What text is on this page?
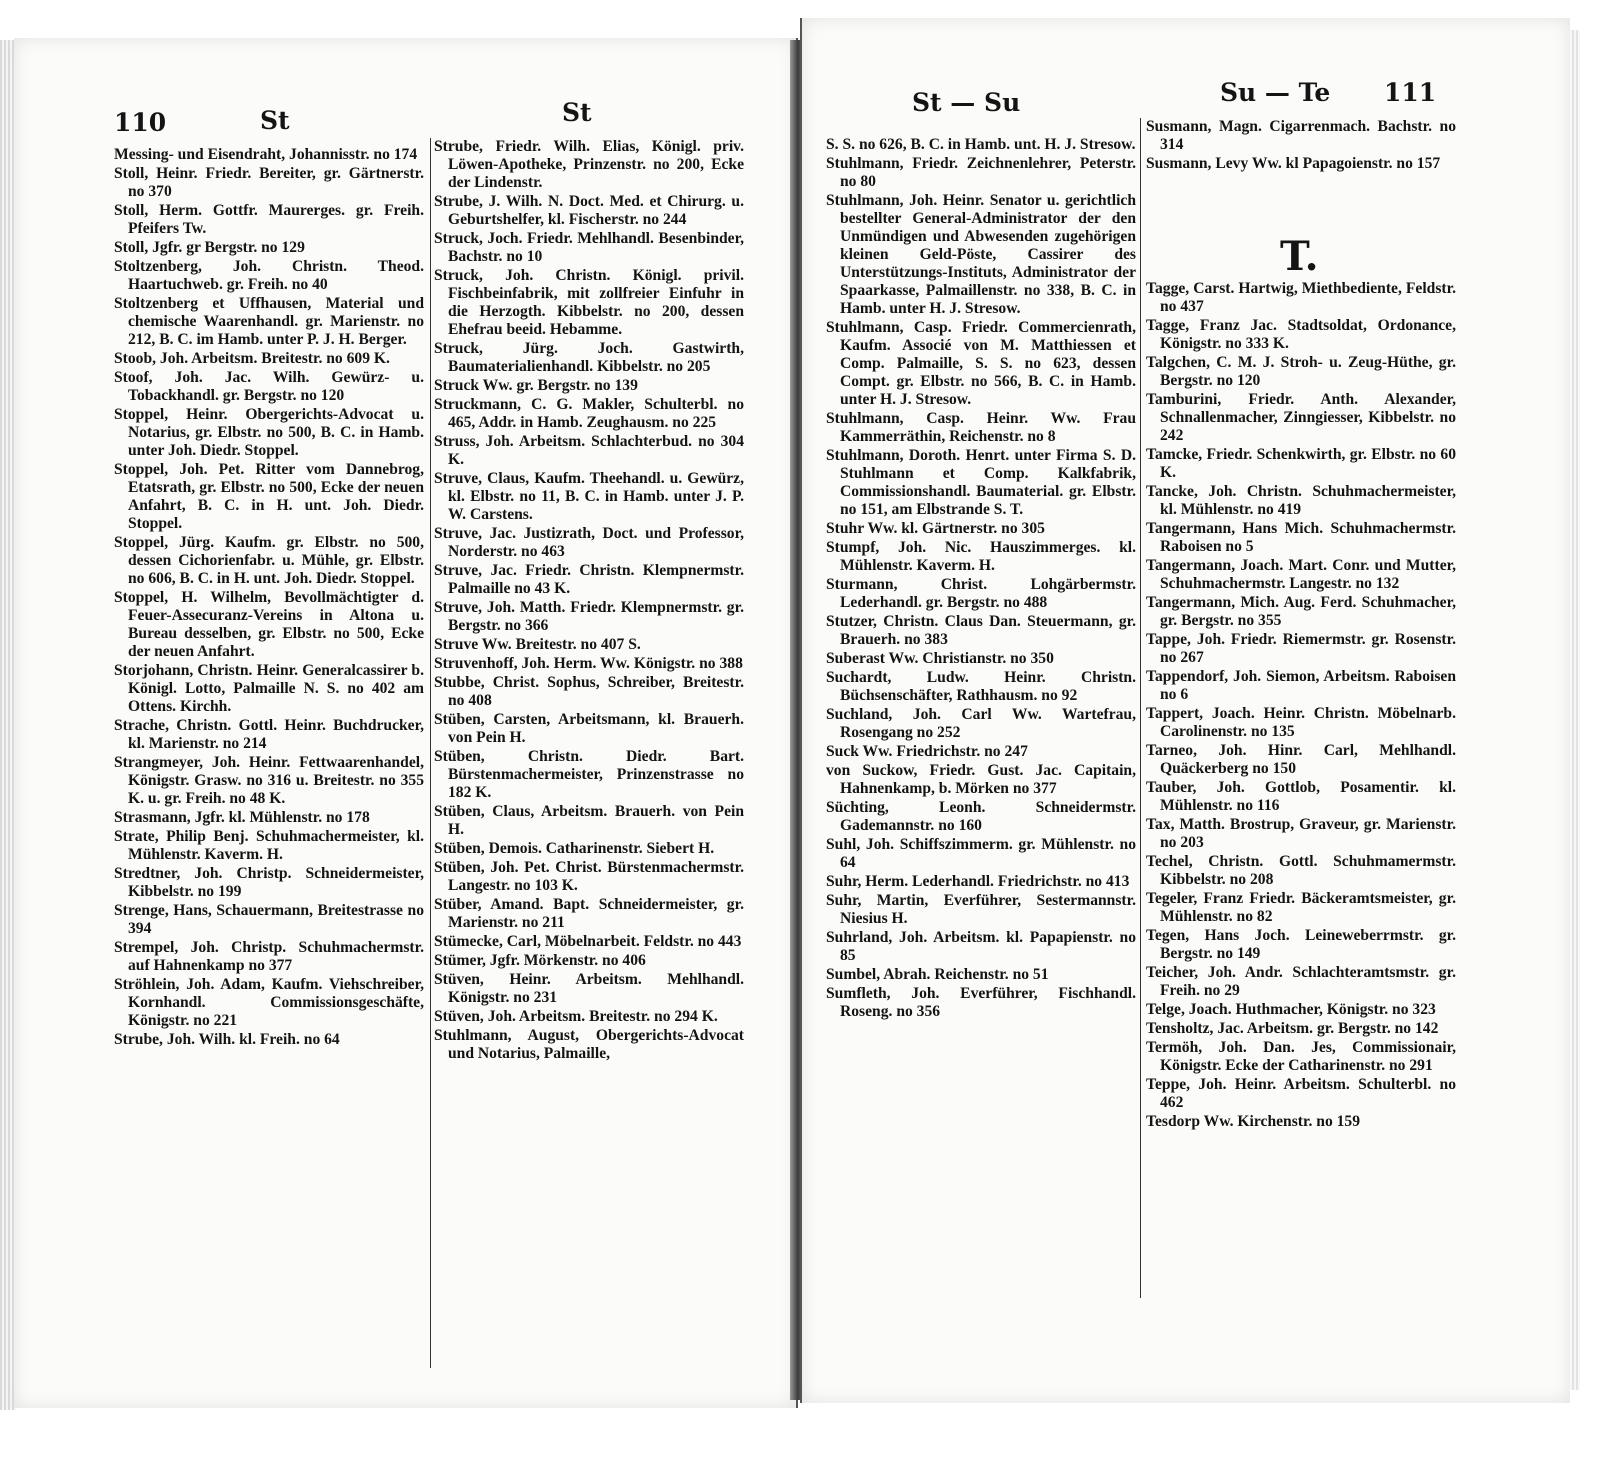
110	St	St
Messing- und Eisendraht, Johannisstr. no 174
Stoll, Heinr. Friedr. Bereiter, gr. Gärtnerstr. no 370
Stoll, Herm. Gottfr. Maurerges. gr. Freih. Pfeifers Tw.
Stoll, Jgfr. gr Bergstr. no 129
Stoltzenberg, Joh. Christn. Theod. Haartuchweb. gr. Freih. no 40
Stoltzenberg et Uffhausen, Material und chemische Waarenhandl. gr. Marienstr. no 212, B. C. im Hamb. unter P. J. H. Berger.
Stoob, Joh. Arbeitsm. Breitestr. no 609 K.
Stoof, Joh. Jac. Wilh. Gewürz- u. Tobackhandl. gr. Bergstr. no 120
Stoppel, Heinr. Obergerichts-Advocat u. Notarius, gr. Elbstr. no 500, B. C. in Hamb. unter Joh. Diedr. Stoppel.
Stoppel, Joh. Pet. Ritter vom Dannebrog, Etatsrath, gr. Elbstr. no 500, Ecke der neuen Anfahrt, B. C. in H. unt. Joh. Diedr. Stoppel.
Stoppel, Jürg. Kaufm. gr. Elbstr. no 500, dessen Cichorienfabr. u. Mühle, gr. Elbstr. no 606, B. C. in H. unt. Joh. Diedr. Stoppel.
Stoppel, H. Wilhelm, Bevollmächtigter d. Feuer-Assecuranz-Vereins in Altona u. Bureau desselben, gr. Elbstr. no 500, Ecke der neuen Anfahrt.
Storjohann, Christn. Heinr. Generalcassirer b. Königl. Lotto, Palmaille N. S. no 402 am Ottens. Kirchh.
Strache, Christn. Gottl. Heinr. Buchdrucker, kl. Marienstr. no 214
Strangmeyer, Joh. Heinr. Fettwaarenhandel, Königstr. Grasw. no 316 u. Breitestr. no 355 K. u. gr. Freih. no 48 K.
Strasmann, Jgfr. kl. Mühlenstr. no 178
Strate, Philip Benj. Schuhmachermeister, kl. Mühlenstr. Kaverm. H.
Stredtner, Joh. Christp. Schneidermeister, Kibbelstr. no 199
Strenge, Hans, Schauermann, Breitestrasse no 394
Strempel, Joh. Christp. Schuhmachermstr. auf Hahnenkamp no 377
Ströhlein, Joh. Adam, Kaufm. Viehschreiber, Kornhandl. Commissionsgeschäfte, Königstr. no 221
Strube, Joh. Wilh. kl. Freih. no 64
Strube, Friedr. Wilh. Elias, Königl. priv. Löwen-Apotheke, Prinzenstr. no 200, Ecke der Lindenstr.
Strube, J. Wilh. N. Doct. Med. et Chirurg. u. Geburtshelfer, kl. Fischerstr. no 244
Struck, Joch. Friedr. Mehlhandl. Besenbinder, Bachstr. no 10
Struck, Joh. Christn. Königl. privil. Fischbeinfabrik, mit zollfreier Einfuhr in die Herzogth. Kibbelstr. no 200, dessen Ehefrau beeid. Hebamme.
Struck, Jürg. Joch. Gastwirth, Baumaterialienhandl. Kibbelstr. no 205
Struck Ww. gr. Bergstr. no 139
Struckmann, C. G. Makler, Schulterbl. no 465, Addr. in Hamb. Zeughausm. no 225
Struss, Joh. Arbeitsm. Schlachterbud. no 304 K.
Struve, Claus, Kaufm. Theehandl. u. Gewürz, kl. Elbstr. no 11, B. C. in Hamb. unter J. P. W. Carstens.
Struve, Jac. Justizrath, Doct. und Professor, Norderstr. no 463
Struve, Jac. Friedr. Christn. Klempnermstr. Palmaille no 43 K.
Struve, Joh. Matth. Friedr. Klempnermstr. gr. Bergstr. no 366
Struve Ww. Breitestr. no 407 S.
Struvenhoff, Joh. Herm. Ww. Königstr. no 388
Stubbe, Christ. Sophus, Schreiber, Breitestr. no 408
Stüben, Carsten, Arbeitsmann, kl. Brauerh. von Pein H.
Stüben, Christn. Diedr. Bart. Bürstenmachermeister, Prinzenstrasse no 182 K.
Stüben, Claus, Arbeitsm. Brauerh. von Pein H.
Stüben, Demois. Catharinenstr. Siebert H.
Stüben, Joh. Pet. Christ. Bürstenmachermstr. Langestr. no 103 K.
Stüber, Amand. Bapt. Schneidermeister, gr. Marienstr. no 211
Stümecke, Carl, Möbelnarbeit. Feldstr. no 443
Stümer, Jgfr. Mörkenstr. no 406
Stüven, Heinr. Arbeitsm. Mehlhandl. Königstr. no 231
Stüven, Joh. Arbeitsm. Breitestr. no 294 K.
Stuhlmann, August, Obergerichts-Advocat und Notarius, Palmaille,
St — Su	Su — Te 111
S. S. no 626, B. C. in Hamb. unt. H. J. Stresow.
Stuhlmann, Friedr. Zeichnenlehrer, Peterstr. no 80
Stuhlmann, Joh. Heinr. Senator u. gerichtlich bestellter General-Administrator der den Unmündigen und Abwesenden zugehörigen kleinen Geld-Pöste, Cassirer des Unterstützungs-Instituts, Administrator der Spaarkasse, Palmaillenstr. no 338, B. C. in Hamb. unter H. J. Stresow.
Stuhlmann, Casp. Friedr. Commercienrath, Kaufm. Associé von M. Matthiessen et Comp. Palmaille, S. S. no 623, dessen Compt. gr. Elbstr. no 566, B. C. in Hamb. unter H. J. Stresow.
Stuhlmann, Casp. Heinr. Ww. Frau Kammerräthin, Reichenstr. no 8
Stuhlmann, Doroth. Henrt. unter Firma S. D. Stuhlmann et Comp. Kalkfabrik, Commissionshandl. Baumaterial. gr. Elbstr. no 151, am Elbstrande S. T.
Stuhr Ww. kl. Gärtnerstr. no 305
Stumpf, Joh. Nic. Hauszimmerges. kl. Mühlenstr. Kaverm. H.
Sturmann, Christ. Lohgärbermstr. Lederhandl. gr. Bergstr. no 488
Stutzer, Christn. Claus Dan. Steuermann, gr. Brauerh. no 383
Suberast Ww. Christianstr. no 350
Suchardt, Ludw. Heinr. Christn. Büchsenschäfter, Rathhausm. no 92
Suchland, Joh. Carl Ww. Wartefrau, Rosengang no 252
Suck Ww. Friedrichstr. no 247
von Suckow, Friedr. Gust. Jac. Capitain, Hahnenkamp, b. Mörken no 377
Süchting, Leonh. Schneidermstr. Gademannstr. no 160
Suhl, Joh. Schiffszimmerm. gr. Mühlenstr. no 64
Suhr, Herm. Lederhandl. Friedrichstr. no 413
Suhr, Martin, Everführer, Sestermannstr. Niesius H.
Suhrland, Joh. Arbeitsm. kl. Papapienstr. no 85
Sumbel, Abrah. Reichenstr. no 51
Sumfleth, Joh. Everführer, Fischhandl. Roseng. no 356
Susmann, Magn. Cigarrenmach. Bachstr. no 314
Susmann, Levy Ww. kl Papagoienstr. no 157
T.
Tagge, Carst. Hartwig, Miethbediente, Feldstr. no 437
Tagge, Franz Jac. Stadtsoldat, Ordonance, Königstr. no 333 K.
Talgchen, C. M. J. Stroh- u. Zeug-Hüthe, gr. Bergstr. no 120
Tamburini, Friedr. Anth. Alexander, Schnallenmacher, Zinngiesser, Kibbelstr. no 242
Tamcke, Friedr. Schenkwirth, gr. Elbstr. no 60 K.
Tancke, Joh. Christn. Schuhmachermeister, kl. Mühlenstr. no 419
Tangermann, Hans Mich. Schuhmachermstr. Raboisen no 5
Tangermann, Joach. Mart. Conr. und Mutter, Schuhmachermstr. Langestr. no 132
Tangermann, Mich. Aug. Ferd. Schuhmacher, gr. Bergstr. no 355
Tappe, Joh. Friedr. Riemermstr. gr. Rosenstr. no 267
Tappendorf, Joh. Siemon, Arbeitsm. Raboisen no 6
Tappert, Joach. Heinr. Christn. Möbelnarb. Carolinenstr. no 135
Tarneo, Joh. Hinr. Carl, Mehlhandl. Quäckerberg no 150
Tauber, Joh. Gottlob, Posamentir. kl. Mühlenstr. no 116
Tax, Matth. Brostrup, Graveur, gr. Marienstr. no 203
Techel, Christn. Gottl. Schuhmamermstr. Kibbelstr. no 208
Tegeler, Franz Friedr. Bäckeramtsmeister, gr. Mühlenstr. no 82
Tegen, Hans Joch. Leineweberrmstr. gr. Bergstr. no 149
Teicher, Joh. Andr. Schlachteramtsmstr. gr. Freih. no 29
Telge, Joach. Huthmacher, Königstr. no 323
Tensholtz, Jac. Arbeitsm. gr. Bergstr. no 142
Termöh, Joh. Dan. Jes, Commissionair, Königstr. Ecke der Catharinenstr. no 291
Teppe, Joh. Heinr. Arbeitsm. Schulterbl. no 462
Tesdorp Ww. Kirchenstr. no 159
